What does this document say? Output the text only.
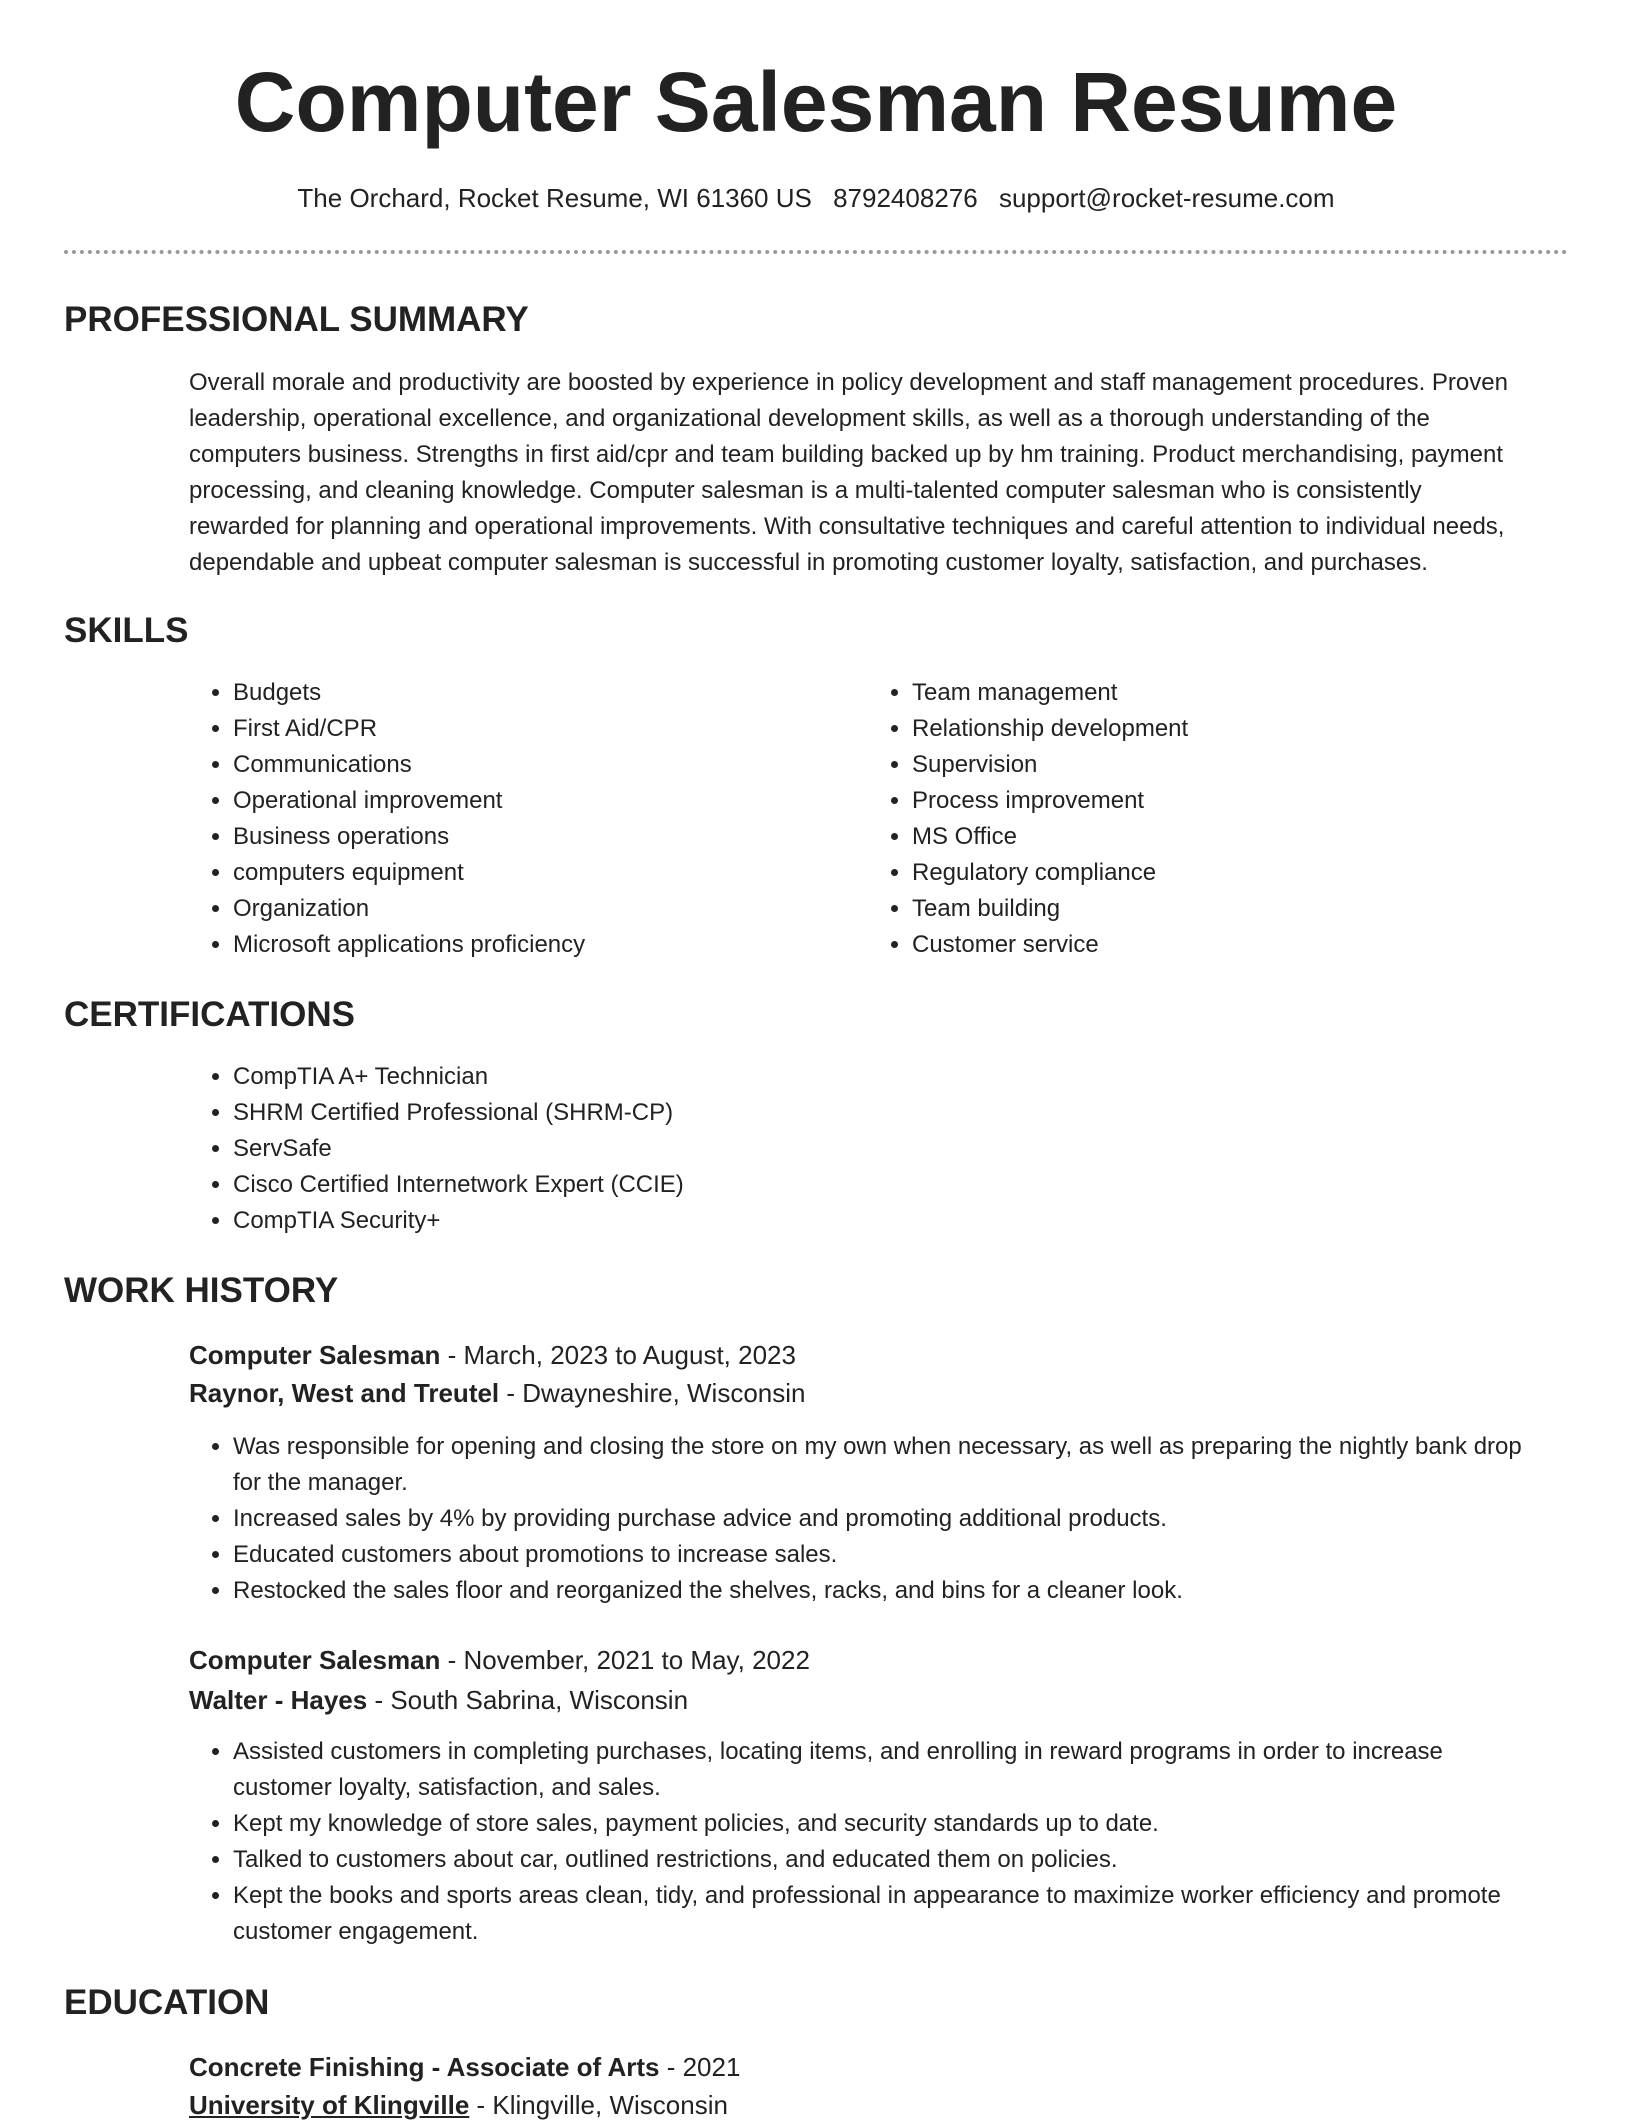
Computer Salesman Resume
The Orchard, Rocket Resume, WI 61360 US 8792408276 support@rocket-resume.com
PROFESSIONAL SUMMARY
Overall morale and productivity are boosted by experience in policy development and staff management procedures. Proven
leadership, operational excellence, and organizational development skills, as well as a thorough understanding of the
computers business. Strengths in first aid/cpr and team building backed up by hm training. Product merchandising, payment
processing, and cleaning knowledge. Computer salesman is a multi-talented computer salesman who is consistently
rewarded for planning and operational improvements. With consultative techniques and careful attention to individual needs,
dependable and upbeat computer salesman is successful in promoting customer loyalty, satisfaction, and purchases.
SKILLS
• Budgets
• First Aid/CPR
• Communications
• Operational improvement
• Business operations
• computers equipment
• Organization
• Microsoft applications proficiency
• Team management
• Relationship development
• Supervision
• Process improvement
• MS Office
• Regulatory compliance
• Team building
• Customer service
CERTIFICATIONS
• CompTIA A+ Technician
• SHRM Certified Professional (SHRM-CP)
• ServSafe
• Cisco Certified Internetwork Expert (CCIE)
• CompTIA Security+
WORK HISTORY

Computer Salesman - March, 2023 to August, 2023

Raynor, West and Treutel - Dwayneshire, Wisconsin

• Was responsible for opening and closing the store on my own when necessary, as well as preparing the nightly bank drop
for the manager.
• Increased sales by 4% by providing purchase advice and promoting additional products.
• Educated customers about promotions to increase sales.
• Restocked the sales floor and reorganized the shelves, racks, and bins for a cleaner look.

Computer Salesman - November, 2021 to May, 2022

Walter - Hayes - South Sabrina, Wisconsin

• Assisted customers in completing purchases, locating items, and enrolling in reward programs in order to increase
customer loyalty, satisfaction, and sales.
• Kept my knowledge of store sales, payment policies, and security standards up to date.
• Talked to customers about car, outlined restrictions, and educated them on policies.
• Kept the books and sports areas clean, tidy, and professional in appearance to maximize worker efficiency and promote
customer engagement.
EDUCATION

Concrete Finishing - Associate of Arts - 2021

University of Klingville - Klingville, Wisconsin
